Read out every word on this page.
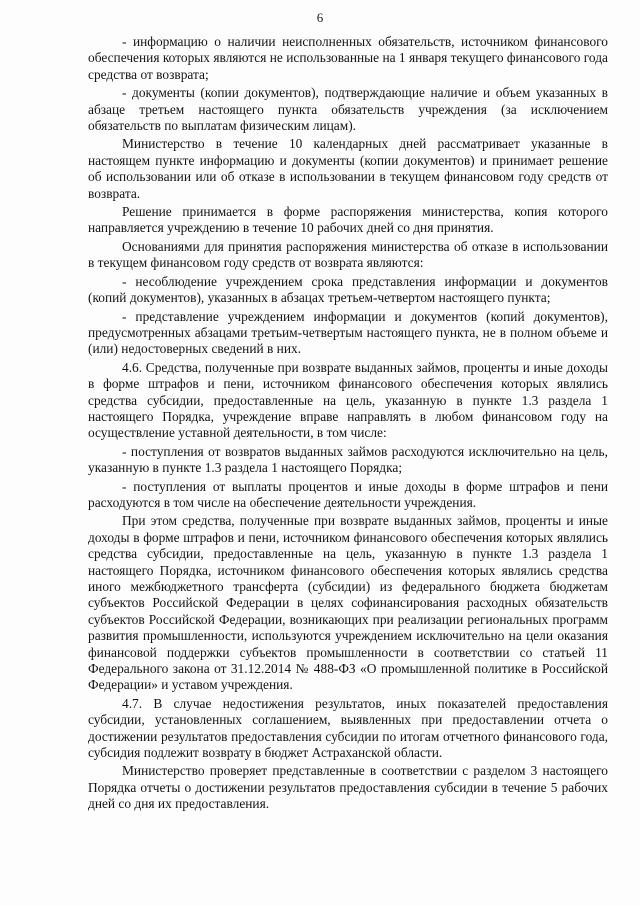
6

- информацию о наличии неисполненных обязательств, источником финансового обеспечения которых являются не использованные на 1 января текущего финансового года средства от возврата;

- документы (копии документов), подтверждающие наличие и объем указанных в абзаце третьем настоящего пункта обязательств учреждения (за исключением обязательств по выплатам физическим лицам).

Министерство в течение 10 календарных дней рассматривает указанные в настоящем пункте информацию и документы (копии документов) и принимает решение об использовании или об отказе в использовании в текущем финансовом году средств от возврата.

Решение принимается в форме распоряжения министерства, копия которого направляется учреждению в течение 10 рабочих дней со дня принятия.

Основаниями для принятия распоряжения министерства об отказе в использовании в текущем финансовом году средств от возврата являются:

- несоблюдение учреждением срока представления информации и документов (копий документов), указанных в абзацах третьем-четвертом настоящего пункта;

- представление учреждением информации и документов (копий документов), предусмотренных абзацами третьим-четвертым настоящего пункта, не в полном объеме и (или) недостоверных сведений в них.

4.6. Средства, полученные при возврате выданных займов, проценты и иные доходы в форме штрафов и пени, источником финансового обеспечения которых являлись средства субсидии, предоставленные на цель, указанную в пункте 1.3 раздела 1 настоящего Порядка, учреждение вправе направлять в любом финансовом году на осуществление уставной деятельности, в том числе:

- поступления от возвратов выданных займов расходуются исключительно на цель, указанную в пункте 1.3 раздела 1 настоящего Порядка;

- поступления от выплаты процентов и иные доходы в форме штрафов и пени расходуются в том числе на обеспечение деятельности учреждения.

При этом средства, полученные при возврате выданных займов, проценты и иные доходы в форме штрафов и пени, источником финансового обеспечения которых являлись средства субсидии, предоставленные на цель, указанную в пункте 1.3 раздела 1 настоящего Порядка, источником финансового обеспечения которых являлись средства иного межбюджетного трансферта (субсидии) из федерального бюджета бюджетам субъектов Российской Федерации в целях софинансирования расходных обязательств субъектов Российской Федерации, возникающих при реализации региональных программ развития промышленности, используются учреждением исключительно на цели оказания финансовой поддержки субъектов промышленности в соответствии со статьей 11 Федерального закона от 31.12.2014 № 488-ФЗ «О промышленной политике в Российской Федерации» и уставом учреждения.

4.7. В случае недостижения результатов, иных показателей предоставления субсидии, установленных соглашением, выявленных при предоставлении отчета о достижении результатов предоставления субсидии по итогам отчетного финансового года, субсидия подлежит возврату в бюджет Астраханской области.

Министерство проверяет представленные в соответствии с разделом 3 настоящего Порядка отчеты о достижении результатов предоставления субсидии в течение 5 рабочих дней со дня их предоставления.
